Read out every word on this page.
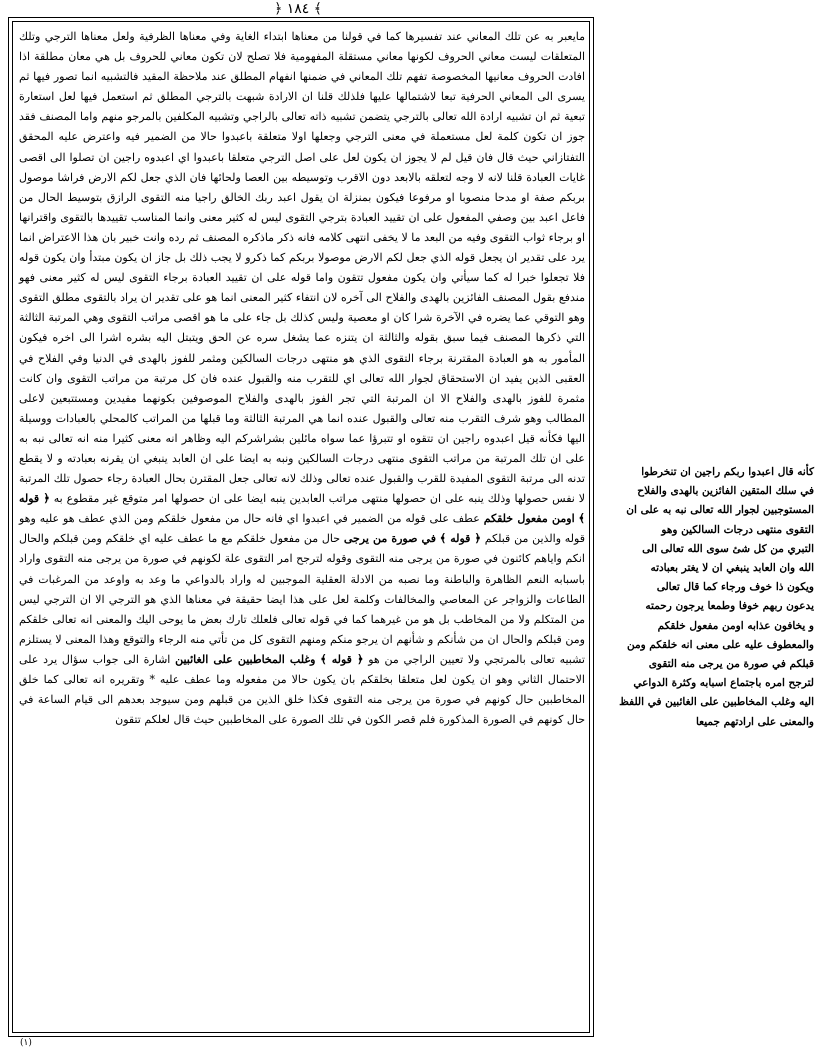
﴿ ١٨٤ ﴾

مايعبر به عن تلك المعاني عند تفسيرها كما في قولنا من معناها ابتداء الغاية وفي معناها الظرفية ولعل معناها الترجي وتلك المتعلقات ليست معاني الحروف لكونها معاني مستقلة المفهومية فلا تصلح لان تكون معاني للحروف بل هي معان مطلقة اذا افادت الحروف معانيها المخصوصة تفهم تلك المعاني في ضمنها انفهام المطلق عند ملاحظة المقيد فالتشبيه انما تصور فيها ثم يسرى الى المعاني الحرفية تبعا لاشتمالها عليها فلذلك قلنا ان الارادة شبهت بالترجي المطلق ثم استعمل فيها لعل استعارة تبعية ثم ان تشبيه ارادة الله تعالى بالترجي يتضمن تشبيه ذاته تعالى بالراجي وتشبيه المكلفين بالمرجو منهم واما المصنف فقد جوز ان تكون كلمة لعل مستعملة في معنى الترجي وجعلها اولا متعلقة باعبدوا حالا من الضمير فيه واعترض عليه المحقق التفتازاني حيث قال فان قيل لم لا يجوز ان يكون لعل على اصل الترجي متعلقا باعبدوا اي اعبدوه راجين ان تصلوا الى اقصى غايات العبادة قلنا لانه لا وجه لتعلقه بالابعد دون الاقرب وتوسيطه بين العصا ولحائها فان الذي جعل لكم الارض فراشا موصول بربكم صفة او مدحا منصوبا او مرفوعا فيكون بمنزلة ان يقول اعبد ربك الخالق راجيا منه التقوى الرازق بتوسيط الحال من فاعل اعبد بين وصفي المفعول على ان تقييد العبادة بترجي التقوى ليس له كثير معنى وانما المناسب تقييدها بالتقوى واقترانها او برجاء ثواب التقوى وفيه من البعد ما لا يخفى انتهى كلامه فانه ذكر ماذكره المصنف ثم رده وانت خبير بان هذا الاعتراض انما يرد على تقدير ان يجعل قوله الذي جعل لكم الارض موصولا بربكم كما ذكرو لا يجب ذلك بل جاز ان يكون مبتدأ وان يكون قوله فلا تجعلوا خبرا له كما سيأتي وان يكون مفعول تتقون واما قوله على ان تقييد العبادة برجاء التقوى ليس له كثير معنى فهو مندفع بقول المصنف الفائزين بالهدى والفلاح الى آخره لان انتفاء كثير المعنى انما هو على تقدير ان يراد بالتقوى مطلق التقوى وهو التوقي عما يضره في الآخرة شرا كان او معصية وليس كذلك بل جاء على ما هو اقصى مراتب التقوى وهي المرتبة الثالثة التي ذكرها المصنف فيما سبق بقوله والثالثة ان يتنزه عما يشغل سره عن الحق ويتبتل اليه بشره اشرا الى اخره فيكون المأمور به هو العبادة المقترنة برجاء التقوى الذي هو منتهى درجات السالكين ومثمر للفوز بالهدى في الدنيا وفي الفلاح في العقبى الذين يفيد ان الاستحقاق لجوار الله تعالى اي للتقرب منه والقبول عنده فان كل مرتبة من مراتب التقوى وان كانت مثمرة للفوز بالهدى والفلاح الا ان المرتبة التي تجر الفوز بالهدى والفلاح الموصوفين بكونهما مفيدين ومستتبعين لاعلى المطالب وهو شرف التقرب منه تعالى والقبول عنده انما هي المرتبة الثالثة وما قبلها من المراتب كالمحلي بالعبادات ووسيلة اليها فكأنه قيل اعبدوه راجين ان تتقوه او تتبرؤا عما سواه مائلين بشراشركم اليه وظاهر انه معنى كثيرا منه انه تعالى نبه به على ان تلك المرتبة من مراتب التقوى منتهى درجات السالكين ونبه به ايضا على ان العابد ينبغي ان يقرنه بعبادته و لا يقطع تدنه الى مرتبة التقوى المفيدة للقرب والقبول عنده تعالى وذلك لانه تعالى جعل المقترن بحال العبادة رجاء حصول تلك المرتبة لا نفس حصولها وذلك ينبه على ان حصولها منتهى مراتب العابدين ينبه ايضا على ان حصولها امر متوقع غير مقطوع به ﴿ قوله ﴾ اومن مفعول خلقكم عطف على قوله من الضمير في اعبدوا اي فانه حال من مفعول خلقكم ومن الذي عطف هو عليه وهو قوله والذين من قبلكم ﴿ قوله ﴾ في صورة من يرجى حال من مفعول خلقكم مع ما عطف عليه اي خلقكم ومن قبلكم والحال انكم واياهم كائنون في صورة من يرجى منه التقوى وقوله لترجح امر التقوى علة لكونهم في صورة من يرجى منه التقوى واراد باسبابه النعم الظاهرة والباطنة وما نصبه من الادلة العقلية الموجبين له واراد بالدواعي ما وعد به واوعد من المرغبات في الطاعات والزواجر عن المعاصي والمخالفات وكلمة لعل على هذا ايضا حقيقة في معناها الذي هو الترجي الا ان الترجي ليس من المتكلم ولا من المخاطب بل هو من غيرهما كما في قوله تعالى فلعلك تارك بعض ما يوحى اليك والمعنى انه تعالى خلقكم ومن قبلكم والحال ان من شأنكم و شأنهم ان يرجو منكم ومنهم التقوى كل من تأتي منه الرجاء والتوقع وهذا المعنى لا يستلزم تشبيه تعالى بالمرتجي ولا تعيين الراجي من هو ﴿ قوله ﴾ وغلب المخاطبين على الغائبين اشارة الى جواب سؤال يرد على الاحتمال الثاني وهو ان يكون لعل متعلقا بخلقكم بان يكون حالا من مفعوله وما عطف عليه * وتقريره انه تعالى كما خلق المخاطبين حال كونهم في صورة من يرجى منه التقوى فكذا خلق الذين من قبلهم ومن سيوجد بعدهم الى قيام الساعة في حال كونهم في الصورة المذكورة فلم قصر الكون في تلك الصورة على المخاطبين حيث قال لعلكم تتقون

كأنه قال اعبدوا ربكم راجين ان تنخرطوا

في سلك المتقين الفائزين بالهدى والفلاح

المستوجبين لجوار الله تعالى نبه به على ان

التقوى منتهى درجات السالكين وهو

التبري من كل شئ سوى الله تعالى الى

الله وان العابد ينبغي ان لا يغتر بعبادته

ويكون ذا خوف ورجاء كما قال تعالى

يدعون ربهم خوفا وطمعا يرجون رحمته

و يخافون عذابه اومن مفعول خلقكم

والمعطوف عليه على معنى انه خلقكم ومن

قبلكم في صورة من يرجى منه التقوى

لترجح امره باجتماع اسبابه وكثرة الدواعي

اليه وغلب المخاطبين على الغائبين في اللفظ

والمعنى على ارادتهم جميعا

(١)
